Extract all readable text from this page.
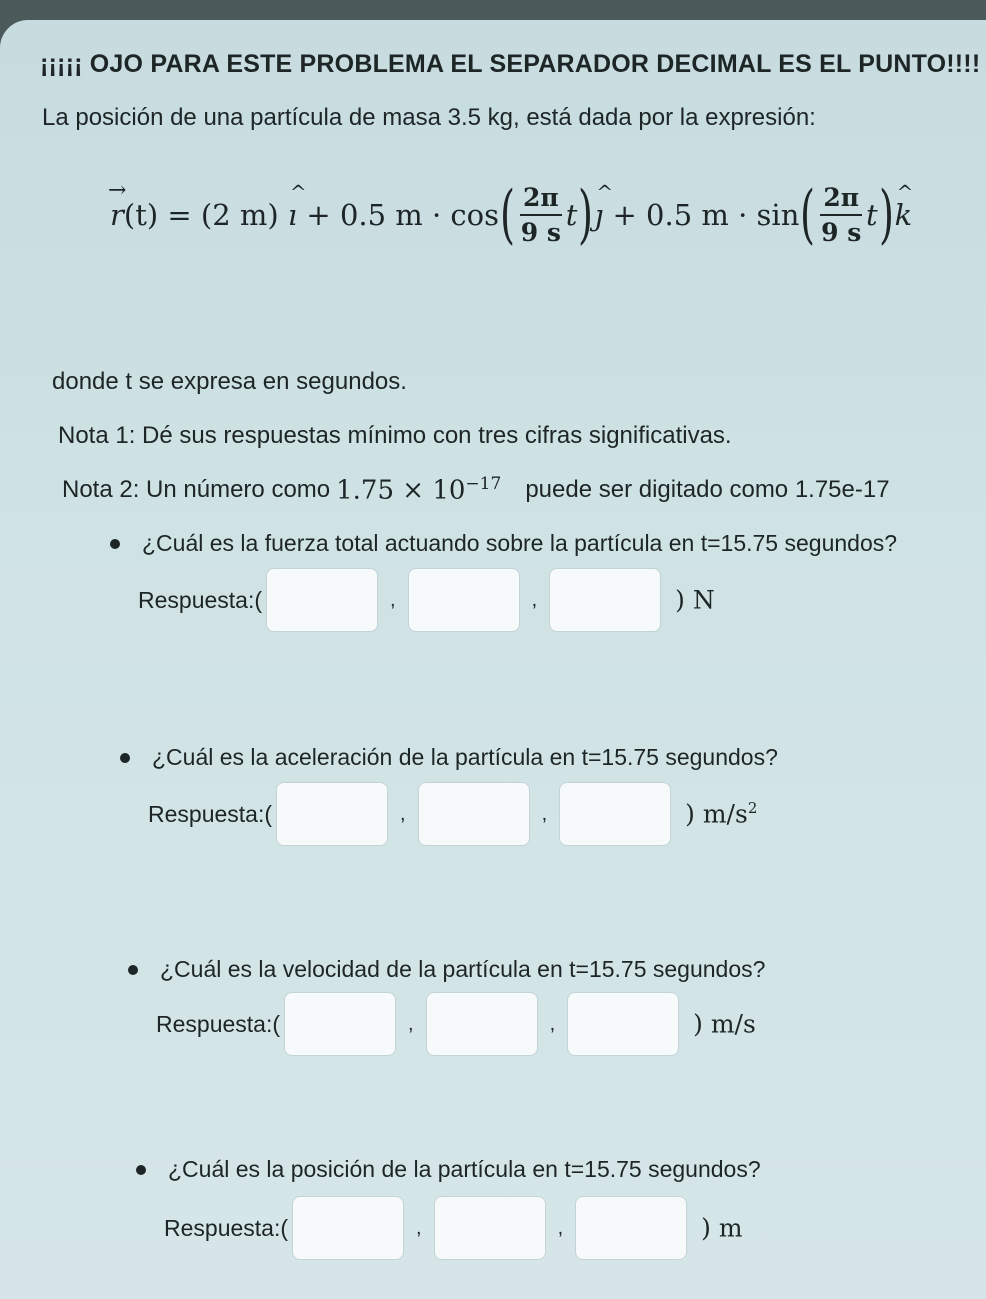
¡¡¡¡¡ OJO PARA ESTE PROBLEMA EL SEPARADOR DECIMAL ES EL PUNTO!!!!
La posición de una partícula de masa 3.5 kg, está dada por la expresión:
→
r (t) = (2 m) ^ ı + 0.5 m · cos ( $\frac{2\pi}{9 s}$ t ) ^ ȷ + 0.5 m · sin ( $\frac{2\pi}{9 s}$ t ) ^ k
donde t se expresa en segundos.
Nota 1: Dé sus respuestas mínimo con tres cifras significativas.
Nota 2: Un número como $1.75 \times 10^{-17}$ puede ser digitado como 1.75e-17
¿Cuál es la fuerza total actuando sobre la partícula en t=15.75 segundos?
Respuesta:(	,	,	) N
¿Cuál es la aceleración de la partícula en t=15.75 segundos?
Respuesta:(	,	,	) $m/s^2$
¿Cuál es la velocidad de la partícula en t=15.75 segundos?
Respuesta:(	,	,	) m/s
¿Cuál es la posición de la partícula en t=15.75 segundos?
Respuesta:(	,	,	) m
